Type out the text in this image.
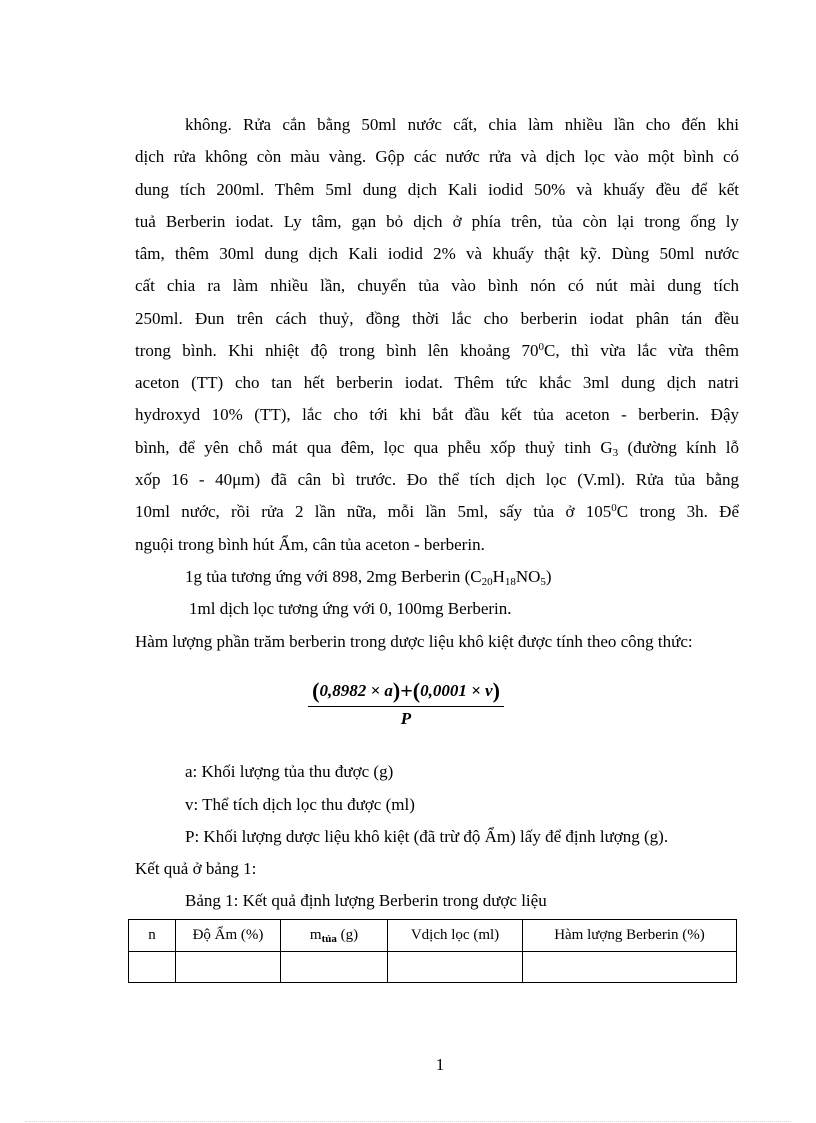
không. Rửa cắn bằng 50ml nước cất, chia làm nhiều lần cho đến khi
dịch rửa không còn màu vàng. Gộp các nước rửa và dịch lọc vào một bình có
dung tích 200ml. Thêm 5ml dung dịch Kali iodid 50% và khuấy đều để kết
tuả Berberin iodat. Ly tâm, gạn bỏ dịch ở phía trên, tủa còn lại trong ống ly
tâm, thêm 30ml dung dịch Kali iodid 2% và khuấy thật kỹ. Dùng 50ml nước
cất chia ra làm nhiều lần, chuyển tủa vào bình nón có nút mài dung tích
250ml. Đun trên cách thuỷ, đồng thời lắc cho berberin iodat phân tán đều
trong bình. Khi nhiệt độ trong bình lên khoảng $70^0C$, thì vừa lắc vừa thêm
aceton (TT) cho tan hết berberin iodat. Thêm tức khắc 3ml dung dịch natri
hydroxyd 10% (TT), lắc cho tới khi bắt đầu kết tủa aceton - berberin. Đậy
bình, để yên chỗ mát qua đêm, lọc qua phễu xốp thuỷ tinh $G_3$ (đường kính lỗ
xốp 16 - 40μm) đã cân bì trước. Đo thể tích dịch lọc (V.ml). Rửa tủa bằng
10ml nước, rồi rửa 2 lần nữa, mỗi lần 5ml, sấy tủa ở $105^0C$ trong 3h. Để
nguội trong bình hút Ẩm, cân tủa aceton - berberin.
1g tủa tương ứng với 898, 2mg Berberin $(C_{20}H_{18}NO_5)$
1ml dịch lọc tương ứng với 0, 100mg Berberin.
Hàm lượng phần trăm berberin trong dược liệu khô kiệt được tính theo công thức:
$\frac{(0,8982 \times a)+(0,0001 \times v)}{P}$
a: Khối lượng tủa thu được (g)
v: Thể tích dịch lọc thu được (ml)
P: Khối lượng dược liệu khô kiệt (đã trừ độ Ẩm) lấy để định lượng (g).
Kết quả ở bảng 1:
Bảng 1: Kết quả định lượng Berberin trong dược liệu
n	Độ Ẩm (%)	$m_{tủa}$ (g)	Vdịch lọc (ml)	Hàm lượng Berberin (%)

1
